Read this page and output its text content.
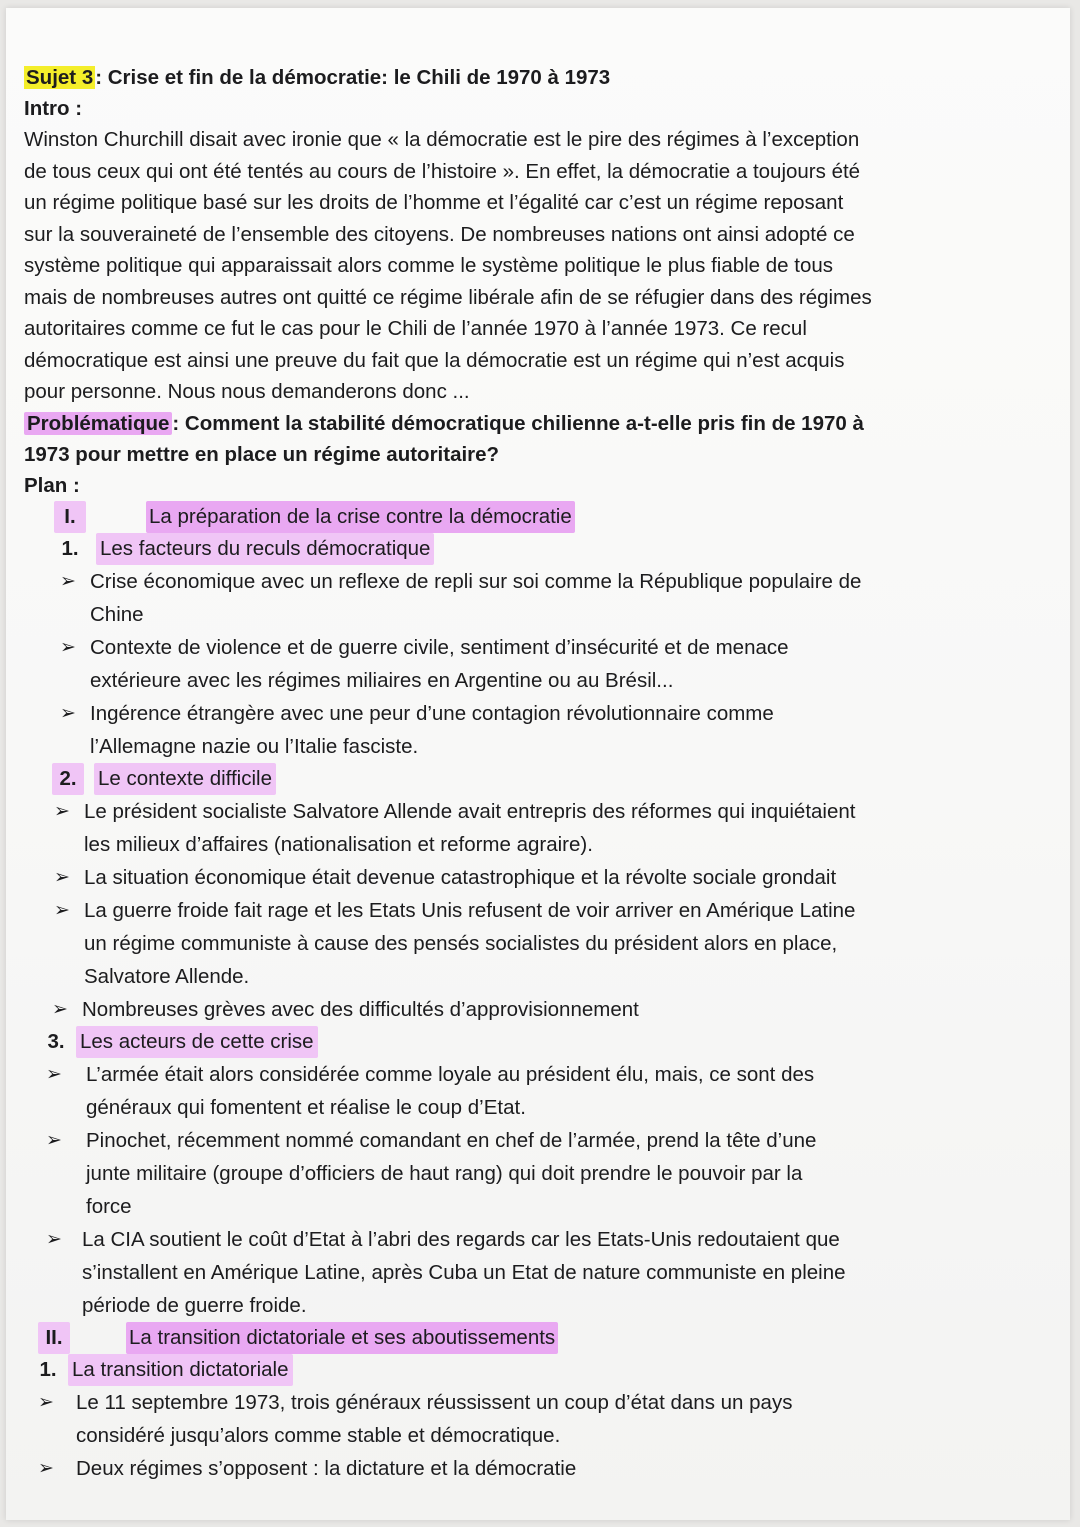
Sujet 3: Crise et fin de la démocratie: le Chili de 1970 à 1973
Intro :

Winston Churchill disait avec ironie que « la démocratie est le pire des régimes à l’exception
de tous ceux qui ont été tentés au cours de l’histoire ». En effet, la démocratie a toujours été
un régime politique basé sur les droits de l’homme et l’égalité car c’est un régime reposant
sur la souveraineté de l’ensemble des citoyens. De nombreuses nations ont ainsi adopté ce
système politique qui apparaissait alors comme le système politique le plus fiable de tous
mais de nombreuses autres ont quitté ce régime libérale afin de se réfugier dans des régimes
autoritaires comme ce fut le cas pour le Chili de l’année 1970 à l’année 1973. Ce recul
démocratique est ainsi une preuve du fait que la démocratie est un régime qui n’est acquis
pour personne. Nous nous demanderons donc ...

Problématique : Comment la stabilité démocratique chilienne a-t-elle pris fin de 1970 à
1973 pour mettre en place un régime autoritaire?
Plan :
I.	La préparation de la crise contre la démocratie
1. Les facteurs du reculs démocratique
➢ Crise économique avec un reflexe de repli sur soi comme la République populaire de
Chine
➢ Contexte de violence et de guerre civile, sentiment d’insécurité et de menace
extérieure avec les régimes miliaires en Argentine ou au Brésil...
➢ Ingérence étrangère avec une peur d’une contagion révolutionnaire comme
l’Allemagne nazie ou l’Italie fasciste.
2.	Le contexte difficile
➢ Le président socialiste Salvatore Allende avait entrepris des réformes qui inquiétaient
les milieux d’affaires (nationalisation et reforme agraire).
➢ La situation économique était devenue catastrophique et la révolte sociale grondait
➢ La guerre froide fait rage et les Etats Unis refusent de voir arriver en Amérique Latine
un régime communiste à cause des pensés socialistes du président alors en place,
Salvatore Allende.
➢ Nombreuses grèves avec des difficultés d’approvisionnement
3. Les acteurs de cette crise
➢	L’armée était alors considérée comme loyale au président élu, mais, ce sont des
généraux qui fomentent et réalise le coup d’Etat.
➢	Pinochet, récemment nommé comandant en chef de l’armée, prend la tête d’une
junte militaire (groupe d’officiers de haut rang) qui doit prendre le pouvoir par la
force
➢ La CIA soutient le coût d’Etat à l’abri des regards car les Etats-Unis redoutaient que
s’installent en Amérique Latine, après Cuba un Etat de nature communiste en pleine
période de guerre froide.
II.	La transition dictatoriale et ses aboutissements
1. La transition dictatoriale
➢	Le 11 septembre 1973, trois généraux réussissent un coup d’état dans un pays
considéré jusqu’alors comme stable et démocratique.
➢	Deux régimes s’opposent : la dictature et la démocratie
